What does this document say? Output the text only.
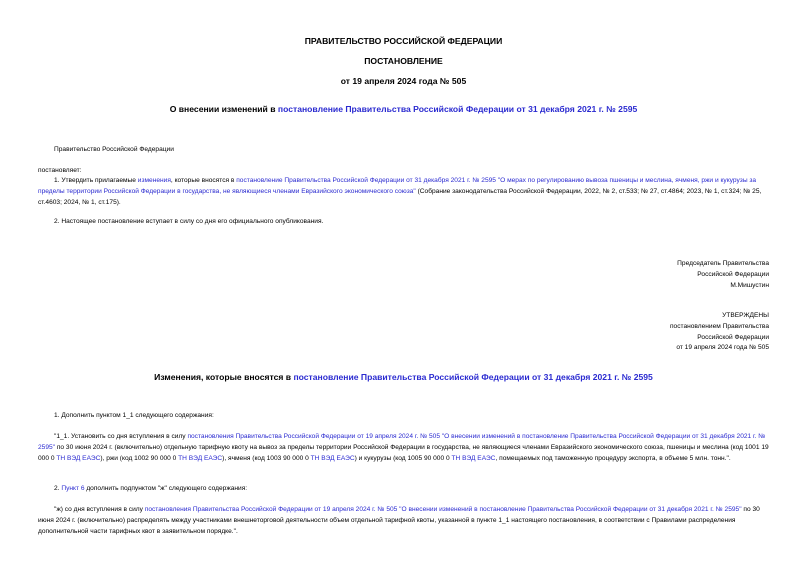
ПРАВИТЕЛЬСТВО РОССИЙСКОЙ ФЕДЕРАЦИИ
ПОСТАНОВЛЕНИЕ
от 19 апреля 2024 года № 505
О внесении изменений в постановление Правительства Российской Федерации от 31 декабря 2021 г. № 2595
Правительство Российской Федерации
постановляет:
1. Утвердить прилагаемые изменения, которые вносятся в постановление Правительства Российской Федерации от 31 декабря 2021 г. № 2595 "О мерах по регулированию вывоза пшеницы и меслина, ячменя, ржи и кукурузы за пределы территории Российской Федерации в государства, не являющиеся членами Евразийского экономического союза" (Собрание законодательства Российской Федерации, 2022, № 2, ст.533; № 27, ст.4864; 2023, № 1, ст.324; № 25, ст.4603; 2024, № 1, ст.175).
2. Настоящее постановление вступает в силу со дня его официального опубликования.
Председатель Правительства
Российской Федерации
М.Мишустин
УТВЕРЖДЕНЫ
постановлением Правительства
Российской Федерации
от 19 апреля 2024 года № 505
Изменения, которые вносятся в постановление Правительства Российской Федерации от 31 декабря 2021 г. № 2595
1. Дополнить пунктом 1_1 следующего содержания:
"1_1. Установить со дня вступления в силу постановления Правительства Российской Федерации от 19 апреля 2024 г. № 505 "О внесении изменений в постановление Правительства Российской Федерации от 31 декабря 2021 г. № 2595" по 30 июня 2024 г. (включительно) отдельную тарифную квоту на вывоз за пределы территории Российской Федерации в государства, не являющиеся членами Евразийского экономического союза, пшеницы и меслина (код 1001 19 000 0 ТН ВЭД ЕАЭС), ржи (код 1002 90 000 0 ТН ВЭД ЕАЭС), ячменя (код 1003 90 000 0 ТН ВЭД ЕАЭС) и кукурузы (код 1005 90 000 0 ТН ВЭД ЕАЭС, помещаемых под таможенную процедуру экспорта, в объеме 5 млн. тонн.".
2. Пункт 6 дополнить подпунктом "ж" следующего содержания:
"ж) со дня вступления в силу постановления Правительства Российской Федерации от 19 апреля 2024 г. № 505 "О внесении изменений в постановление Правительства Российской Федерации от 31 декабря 2021 г. № 2595" по 30 июня 2024 г. (включительно) распределять между участниками внешнеторговой деятельности объем отдельной тарифной квоты, указанной в пункте 1_1 настоящего постановления, в соответствии с Правилами распределения дополнительной части тарифных квот в заявительном порядке.".
